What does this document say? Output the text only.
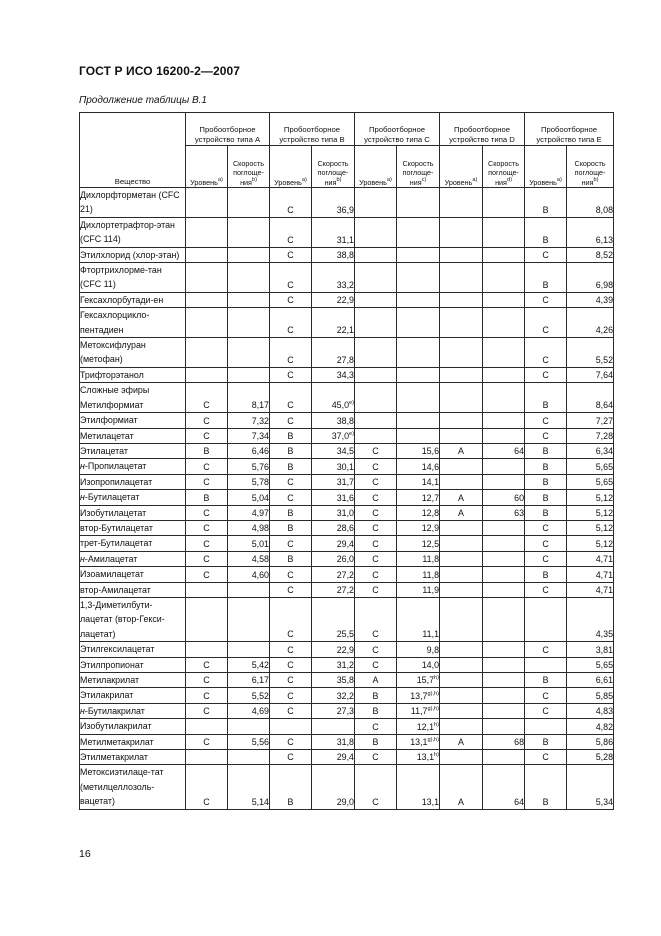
ГОСТ Р ИСО 16200-2—2007
Продолжение таблицы В.1
Вещество	Пробоотборное устройство типа А		Пробоотборное устройство типа В		Пробоотборное устройство типа С		Пробоотборное устройство типа D		Пробоотборное устройство типа Е	
	Уровень$^{a)}$	Скорость поглоще-ния$^{b)}$	Уровень$^{a)}$	Скорость поглоще-ния$^{b)}$	Уровень$^{a)}$	Скорость поглоще-ния$^{c)}$	Уровень$^{a)}$	Скорость поглоще-ния$^{d)}$	Уровень$^{a)}$	Скорость поглоще-ния$^{b)}$
Дихлорфторметан (CFC 21)			C	36,9					B	8,08
Дихлортетрафтор-этан (CFC 114)			C	31,1					B	6,13
Этилхлорид (хлор-этан)			C	38,8					C	8,52
Фтортрихлорме-тан (CFC 11)			C	33,2					B	6,98
Гексахлорбутади-ен			C	22,9					C	4,39
Гексахлорцикло-пентадиен			C	22,1					C	4,26
Метоксифлуран (метофан)			C	27,8					C	5,52
Трифторэтанол			C	34,3					C	7,64
Сложные эфиры Метилформиат	C	8,17	C	45,0$^{e)}$					B	8,64
Этилформиат	C	7,32	C	38,8					C	7,27
Метилацетат	C	7,34	B	37,0$^{e)}$					C	7,28
Этилацетат	B	6,46	B	34,5	C	15,6	A	64	B	6,34
н-Пропилацетат	C	5,76	B	30,1	C	14,6			B	5,65
Изопропилацетат	C	5,78	C	31,7	C	14,1			B	5,65
н-Бутилацетат	B	5,04	C	31,6	C	12,7	A	60	B	5,12
Изобутилацетат	C	4,97	B	31,0	C	12,8	A	63	B	5,12
втор-Бутилацетат	C	4,98	B	28,6	C	12,9			C	5,12
трет-Бутилацетат	C	5,01	C	29,4	C	12,5			C	5,12
н-Амилацетат	C	4,58	B	26,0	C	11,8			C	4,71
Изоамилацетат	C	4,60	C	27,2	C	11,8			B	4,71
втор-Амилацетат			C	27,2	C	11,9			C	4,71
1,3-Диметилбути-лацетат (втор-Гекси-лацетат)			C	25,5	C	11,1				4,35
Этилгексилацетат			C	22,9	C	9,8			C	3,81
Этилпропионат	C	5,42	C	31,2	C	14,0				5,65
Метилакрилат	C	6,17	C	35,8	A	15,7$^{h)}$			B	6,61
Этилакрилат	C	5,52	C	32,2	B	$13,7^{g),h)}$			C	5,85
н-Бутилакрилат	C	4,69	C	27,3	B	$11,7^{g),h)}$			C	4,83
Изобутилакрилат					C	12,1$^{h)}$				4,82
Метилметакрилат	C	5,56	C	31,8	B	$13,1^{g),h)}$	A	68	B	5,86
Этилметакрилат			C	29,4	C	13,1$^{h)}$			C	5,28
Метоксиэтилаце-тат (метилцеллозоль-вацетат)	C	5,14	B	29,0	C	13,1	A	64	B	5,34
16
